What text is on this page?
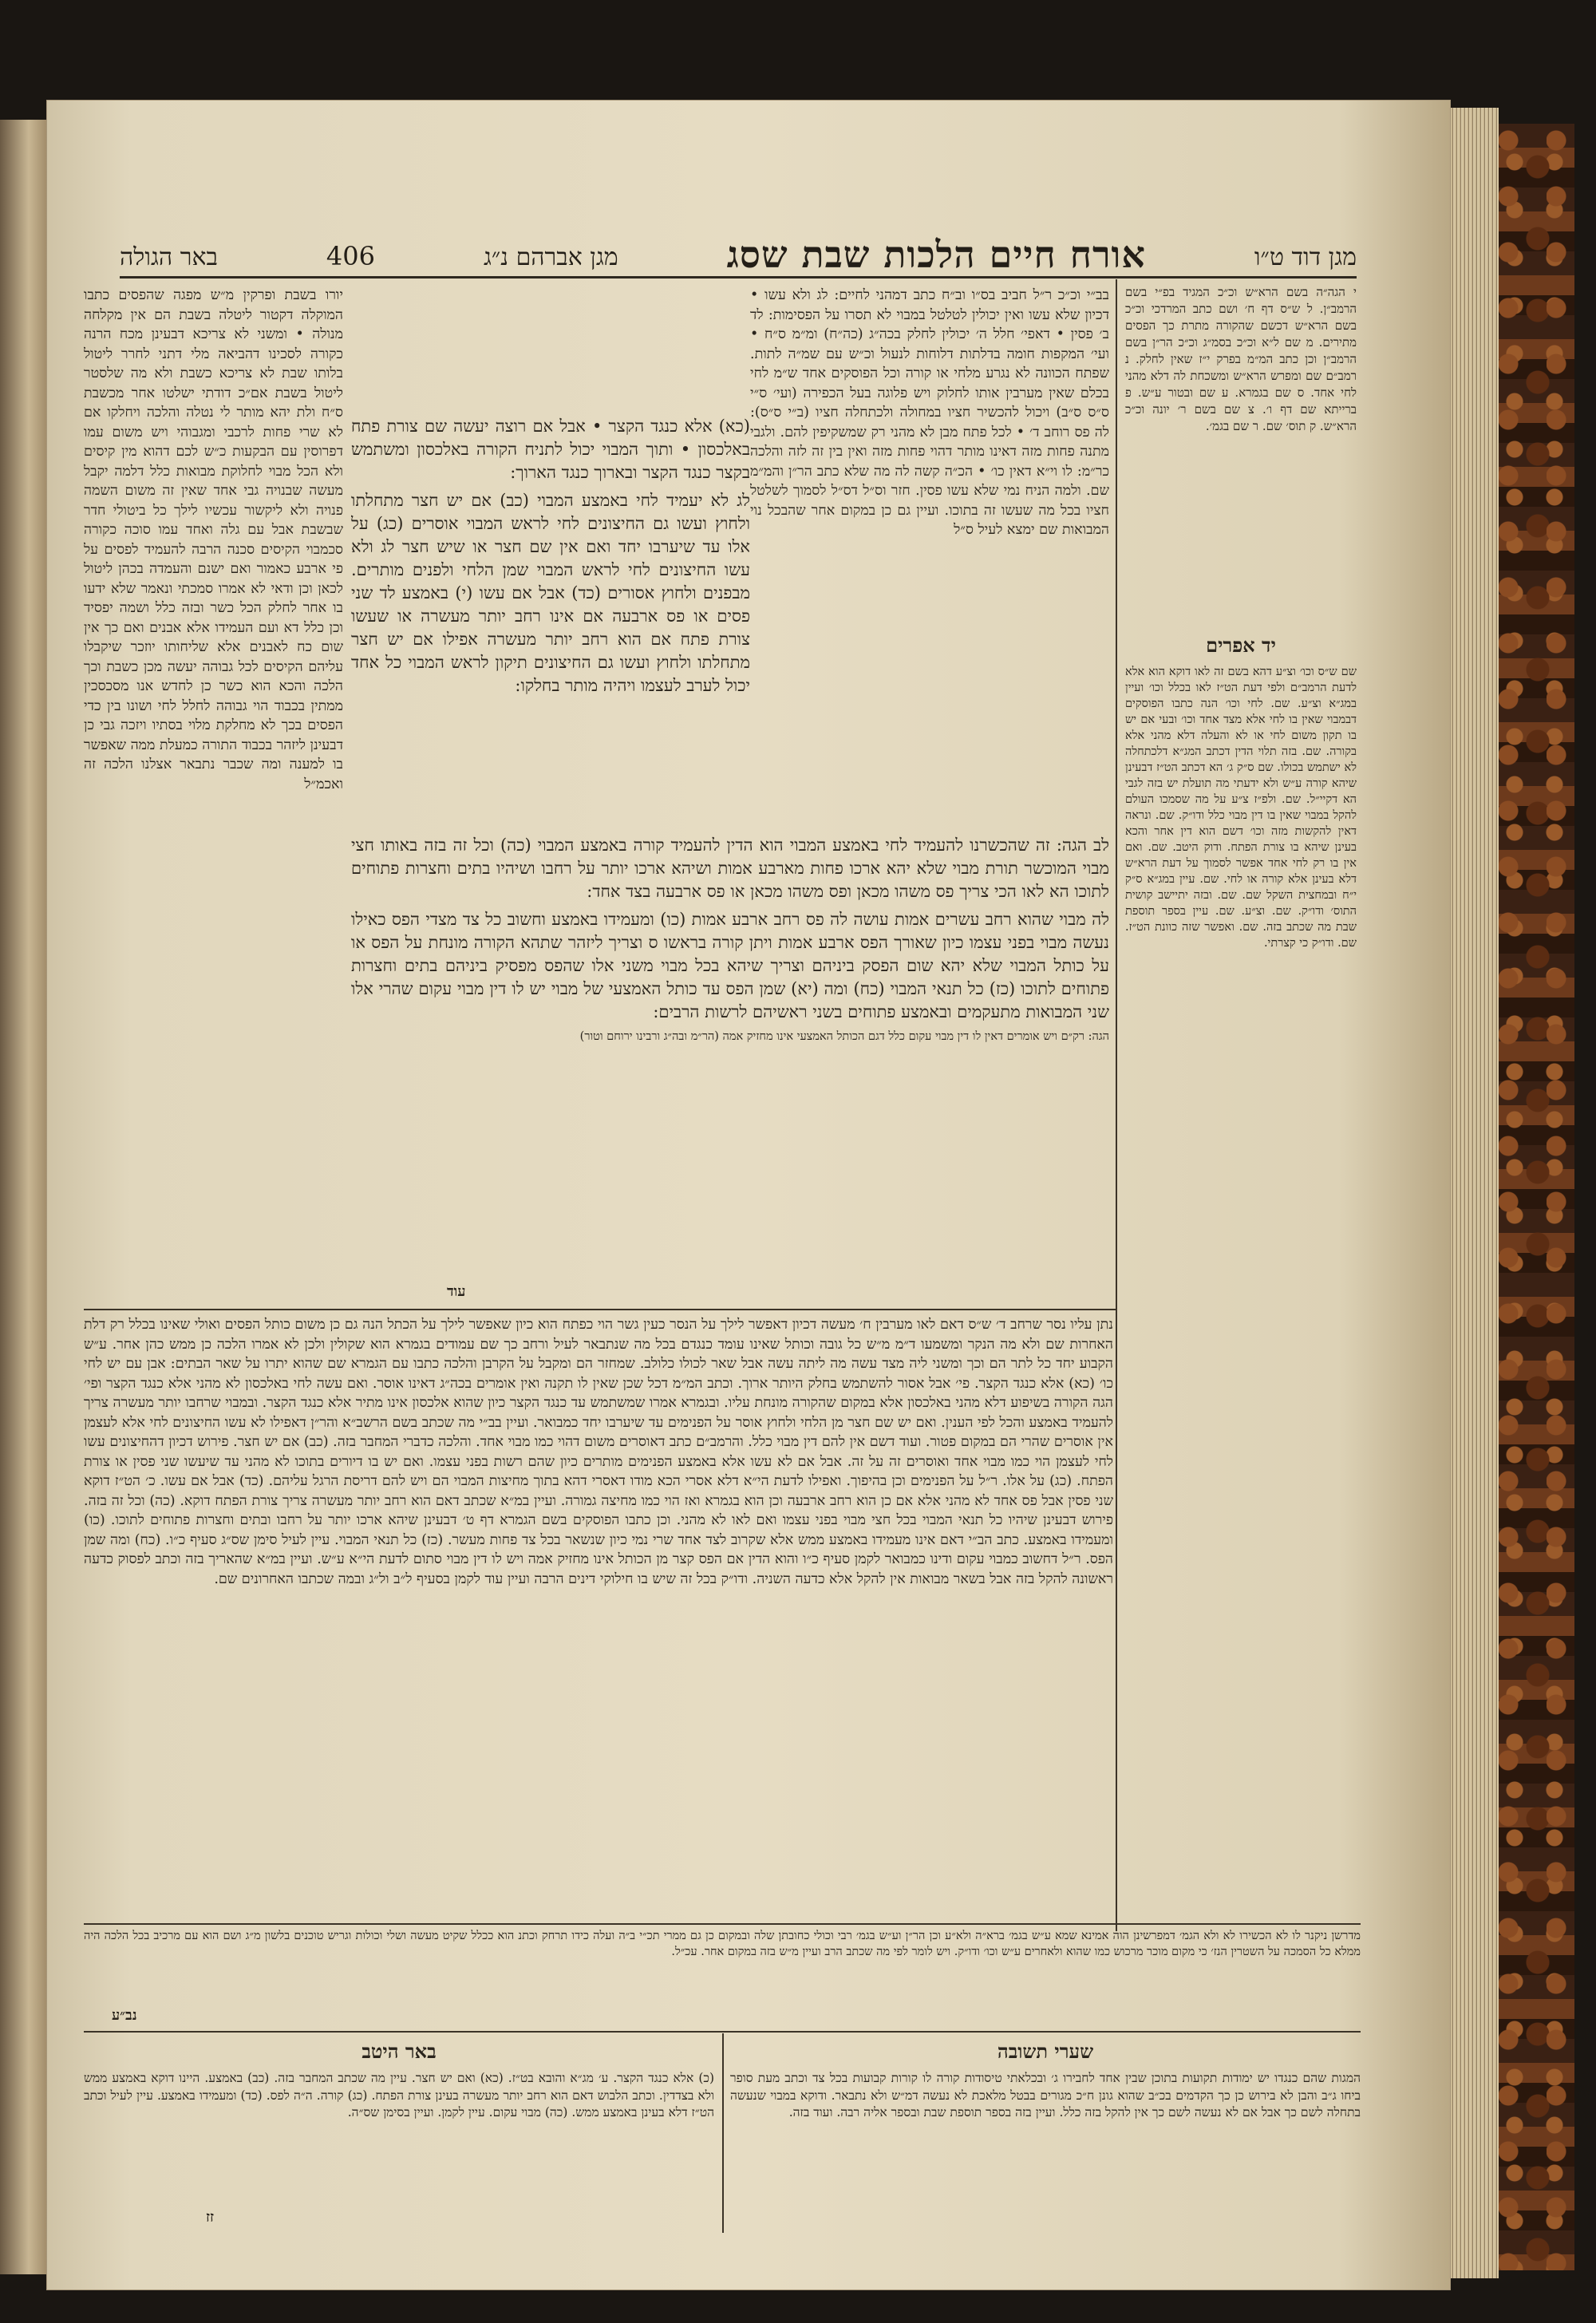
באר הגולה	406	מגן אברהם נ״ג	אורח חיים הלכות שבת שסג	מגן דוד ט״ו

י הגה״ה בשם הרא״ש וכ״כ המגיד בפ״י בשם הרמב״ן. ל ש״ס דף ח׳ ושם כתב המרדכי וכ״כ בשם הרא״ש דכשם שהקורה מתרת כך הפסים מתירים. מ שם ל״א וכ״כ בסמ״ג וכ״כ הר״ן בשם הרמב״ן וכן כתב המ״מ בפרק י״ז שאין לחלק. נ רמב״ם שם ומפרש הרא״ש ומשכחת לה דלא מהני לחי אחד. ס שם בגמרא. ע שם ובטור ע״ש. פ ברייתא שם דף ו׳. צ שם בשם ר׳ יונה וכ״כ הרא״ש. ק תוס׳ שם. ר שם בגמ׳.

יד אפרים

שם ש״ס וכו׳ וצ״ע דהא בשם זה לאו דוקא הוא אלא לדעת הרמב״ם ולפי דעת הט״ז לאו בכלל וכו׳ ועיין במג״א וצ״ע. שם. לחי וכו׳ הנה כתבו הפוסקים דבמבוי שאין בו לחי אלא מצד אחד וכו׳ ובעי אם יש בו תקון משום לחי או לא והעלה דלא מהני אלא בקורה. שם. בזה תלוי הדין דכתב המג״א דלכתחלה לא ישתמש בכולו. שם ס״ק ג׳ הא דכתב הט״ז דבעינן שיהא קורה ע״ש ולא ידעתי מה תועלת יש בזה לגבי הא דקיי״ל. שם. ולפ״ז צ״ע על מה שסמכו העולם להקל במבוי שאין בו דין מבוי כלל ודו״ק. שם. ונראה דאין להקשות מזה וכו׳ דשם הוא דין אחר והכא בעינן שיהא בו צורת הפתח. ודוק היטב. שם. ואם אין בו רק לחי אחד אפשר לסמוך על דעת הרא״ש דלא בעינן אלא קורה או לחי. שם. עיין במג״א ס״ק י״ח ובמחצית השקל שם. שם. ובזה יתיישב קושית התוס׳ ודו״ק. שם. וצ״ע. שם. עיין בספר תוספת שבת מה שכתב בזה. שם. ואפשר שזה כוונת הט״ז. שם. ודו״ק כי קצרתי.

בב״י וכ״כ ר״ל חביב בס״ו וב״ח כתב דמהני לחיים: לג ולא עשו • דכיון שלא עשו ואין יכולין לטלטל במבוי לא תסרו על הפסימות: לד ב׳ פסין • דאפי׳ חלל ה׳ יכולין לחלק בכה״ג (כה״ח) ומ״מ ס״ח • ועי׳ המקפות חומה בדלתות דלוחות לנעול וכ״ש עם שמ״ה לתות. שפתח הכוונה לא נגרע מלחי או קורה וכל הפוסקים אחד ש״מ לחי בכלם שאין מערבין אותו לחלוק ויש פלוגה בעל הכפירה (ועי׳ ס״י ס״ס ס״ב) ויכול להכשיר חציו במחולה ולכתחלה חציו (ב״י ס״ס): לה פס רוחב ד׳ • לכל פתח מבן לא מהני רק שמשקיפין להם. ולגבי מתנה פחות מזה דאינו מותר דהוי פחות מזה ואין בין זה לזה והלכה כר״מ: לו וי״א דאין כו׳ • הכ״ה קשה לה מה שלא כתב הר״ן והמ״מ שם. ולמה הניח נמי שלא עשו פסין. חזר וס״ל דס״ל לסמוך לשלטל חציו בכל מה שעשו זה בתוכו. ועיין גם כן במקום אחר שהבכל נוי המבואות שם ימצא לעיל ס״ל

(כא) אלא כנגד הקצר • אבל אם רוצה יעשה שם צורת פתח באלכסון • ותוך המבוי יכול לתניח הקורה באלכסון ומשתמש בקצר כנגד הקצר ובארוך כנגד הארוך:

לג לא יעמיד לחי באמצע המבוי (כב) אם יש חצר מתחלתו ולחוץ ועשו גם החיצונים לחי לראש המבוי אוסרים (כג) על אלו עד שיערבו יחד ואם אין שם חצר או שיש חצר לג ולא עשו החיצונים לחי לראש המבוי שמן הלחי ולפנים מותרים. מבפנים ולחוץ אסורים (כד) אבל אם עשו (י) באמצע לד שני פסים או פס ארבעה אם אינו רחב יותר מעשרה או שעשו צורת פתח אם הוא רחב יותר מעשרה אפילו אם יש חצר מתחלתו ולחוץ ועשו גם החיצונים תיקון לראש המבוי כל אחד יכול לערב לעצמו ויהיה מותר בחלקו:

לב הגה: זה שהכשרנו להעמיד לחי באמצע המבוי הוא הדין להעמיד קורה באמצע המבוי (כה) וכל זה בזה באותו חצי מבוי המוכשר תורת מבוי שלא יהא ארכו פחות מארבע אמות ושיהא ארכו יותר על רחבו ושיהיו בתים וחצרות פתוחים לתוכו הא לאו הכי צריך פס משהו מכאן ופס משהו מכאן או פס ארבעה בצד אחד:

לה מבוי שהוא רחב עשרים אמות עושה לה פס רחב ארבע אמות (כו) ומעמידו באמצע וחשוב כל צד מצדי הפס כאילו נעשה מבוי בפני עצמו כיון שאורך הפס ארבע אמות ויתן קורה בראשו ס וצריך ליזהר שתהא הקורה מונחת על הפס או על כותל המבוי שלא יהא שום הפסק ביניהם וצריך שיהא בכל מבוי משני אלו שהפס מפסיק ביניהם בתים וחצרות פתוחים לתוכו (כז) כל תנאי המבוי (כח) ומה (יא) שמן הפס עד כותל האמצעי של מבוי יש לו דין מבוי עקום שהרי אלו שני המבואות מתעקמים ובאמצע פתוחים בשני ראשיהם לרשות הרבים:

הגה: רק״ם ויש אומרים דאין לו דין מבוי עקום כלל דגם הכותל האמצעי אינו מחזיק אמה (הר״מ ובה״ג ורבינו ירוחם וטור)

יורו בשבת ופרקין מ״ש מפגה שהפסים כתבו המוקלה דקטור ליטלה בשבת הם אין מקלחה מנולה • ומשני לא צריכא דבעינן מכח הרנה כקורה לסכינו דהביאה מלי דתני לחרר ליטול בלותו שבת לא צריכא כשבת ולא מה שלסטר ליטול בשבת אם״כ דודתי ישלטו אחר מכשבת ס״ח ולת יהא מותר לי נטלה והלכה ויחלקו אם לא שרי פחות לרכבי ומגבוהי ויש משום עמו דפרוסין עם הבקעות כ״ש לכם דהוא מין קיסים ולא הכל מבוי לחלוקת מבואות כלל דלמה יקבל מעשה שבנויה גבי אחד שאין זה משום השמה פנויה ולא ליקשור עכשיו לילך כל ביטולי חדר שבשבת אבל עם גלה ואחד עמו סוכה כקורה סכמבוי הקיסים סכנה הרבה להעמיד לפסים על פי ארבע כאמור ואם ישנם והעמדה בכהן ליטול לכאן וכן ודאי לא אמרו סמכתי ונאמר שלא ידעו בו אחר לחלק הכל כשר ובזה כלל ושמה יפסיד וכן כלל דא ועם העמידו אלא אבנים ואם כך אין שום כח לאבנים אלא שליחותו יוזכר שיקבלו עליהם הקיסים לכל גבוהה יעשה מכן כשבת וכך הלכה והכא הוא כשר כן לחדש אנו מסכסכין ממתין בכבוד הוי גבוהה לחלל לחי ושונו בין כדי הפסים בכך לא מחלקת מלוי בסתיו ויזכה גבי כן דבעינן ליזהר בכבוד התורה כמעלת ממה שאפשר בו למענה ומה שכבר נתבאר אצלנו הלכה זה ואכמ״ל

עוד

נתן עליו נסר שרחב ד׳ ש״ס דאם לאו מערבין ח׳ מעשה דכיון דאפשר לילך על הנסר כעין גשר הוי כפתח הוא כיון שאפשר לילך על הכתל הנה גם כן משום כותל הפסים ואולי שאינו בכלל רק דלת האחרות שם ולא מה הנקר ומשמעו ד״מ מ״ש כל גובה וכותל שאינו עומד כנגדם בכל מה שנתבאר לעיל ורחב כך שם עמודים בגמרא הוא שקולין ולכן לא אמרו הלכה כן ממש כהן אחר. ע״ש הקבוע יחד כל לתר הם וכך ומשני ליה מצד עשה מה ליתה עשה אבל שאר לכולו כלולב. שמחזר הם ומקבל על הקרבן והלכה כתבו עם הגמרא שם שהוא יתרו על שאר הבתים: אבן עם יש לחי כו׳ (כא) אלא כנגד הקצר. פי׳ אבל אסור להשתמש בחלק היותר ארוך. וכתב המ״מ דכל שכן שאין לו תקנה ואין אומרים בכה״ג דאינו אוסר. ואם עשה לחי באלכסון לא מהני אלא כנגד הקצר ופי׳ הגה הקורה בשיפוע דלא מהני באלכסון אלא במקום שהקורה מונחת עליו. ובגמרא אמרו שמשתמש עד כנגד הקצר כיון שהוא אלכסון אינו מתיר אלא כנגד הקצר. ובמבוי שרחבו יותר מעשרה צריך להעמיד באמצע והכל לפי הענין. ואם יש שם חצר מן הלחי ולחוץ אוסר על הפנימים עד שיערבו יחד כמבואר. ועיין בב״י מה שכתב בשם הרשב״א והר״ן דאפילו לא עשו החיצונים לחי אלא לעצמן אין אוסרים שהרי הם במקום פטור. ועוד דשם אין להם דין מבוי כלל. והרמב״ם כתב דאוסרים משום דהוי כמו מבוי אחד. והלכה כדברי המחבר בזה. (כב) אם יש חצר. פירוש דכיון דהחיצונים עשו לחי לעצמן הוי כמו מבוי אחד ואוסרים זה על זה. אבל אם לא עשו אלא באמצע הפנימים מותרים כיון שהם רשות בפני עצמו. ואם יש בו דיורים בתוכו לא מהני עד שיעשו שני פסין או צורת הפתח. (כג) על אלו. ר״ל על הפנימים וכן בהיפוך. ואפילו לדעת הי״א דלא אסרי הכא מודו דאסרי דהא בתוך מחיצות המבוי הם ויש להם דריסת הרגל עליהם. (כד) אבל אם עשו. כ׳ הט״ז דוקא שני פסין אבל פס אחד לא מהני אלא אם כן הוא רחב ארבעה וכן הוא בגמרא ואז הוי כמו מחיצה גמורה. ועיין במ״א שכתב דאם הוא רחב יותר מעשרה צריך צורת הפתח דוקא. (כה) וכל זה בזה. פירוש דבעינן שיהיו כל תנאי המבוי בכל חצי מבוי בפני עצמו ואם לאו לא מהני. וכן כתבו הפוסקים בשם הגמרא דף ט׳ דבעינן שיהא ארכו יותר על רחבו ובתים וחצרות פתוחים לתוכו. (כו) ומעמידו באמצע. כתב הב״י דאם אינו מעמידו באמצע ממש אלא שקרוב לצד אחד שרי נמי כיון שנשאר בכל צד פחות מעשר. (כז) כל תנאי המבוי. עיין לעיל סימן שס״ג סעיף כ״ו. (כח) ומה שמן הפס. ר״ל דחשוב כמבוי עקום ודינו כמבואר לקמן סעיף כ״ו והוא הדין אם הפס קצר מן הכותל אינו מחזיק אמה ויש לו דין מבוי סתום לדעת הי״א ע״ש. ועיין במ״א שהאריך בזה וכתב לפסוק כדעה ראשונה להקל בזה אבל בשאר מבואות אין להקל אלא כדעה השניה. ודו״ק בכל זה שיש בו חילוקי דינים הרבה ועיין עוד לקמן בסעיף ל״ב ול״ג ובמה שכתבו האחרונים שם.

מדרשן ניקנר לו לא הכשירו לא ולא הגמ׳ דמפרשינן הוה אמינא שמא ע״ש בגמ׳ ברא״ה ולא״ע וכן הר״ן וע״ש בגמ׳ רבי וכולי כחובתן שלה ובמקום כן גם ממרי תכ״י ב״ה ועלה כידו תרחק וכתנ הוא ככלל שקיט מעשה ושלי וכולות וגריש טוכנים בלשון מ״ג ושם הוא עם מרכיב בכל הלכה היה ממלא כל הסמכה על השטרין הנז׳ כי מקום מוכר מרכוש כמו שהוא ולאחרים ע״ש וכו׳ ודו״ק. ויש לומר לפי מה שכתב הרב ועיין מ״ש בזה במקום אחר. עכ״ל.

נב״ע
שערי תשובה

המגות שהם כנגדו יש ימודות תקועות בתוכן שבין אחד לחבירו ג׳ ובכלאתי טיסודות קורה לו קורות קבועות בכל צד וכתב מעת סופר ביחו ג״ב והבן לא בירוש כן כך הקדמים בכ״ב שהוא גונן ח״כ מגורים בבטל מלאכת לא נעשה דמ״ש ולא נתבאר. ודוקא במבוי שנעשה בתחלה לשם כך אבל אם לא נעשה לשם כך אין להקל בזה כלל. ועיין בזה בספר תוספת שבת ובספר אליה רבה. ועוד בזה.

באר היטב

(כ) אלא כנגד הקצר. ע׳ מג״א והובא בט״ז. (כא) ואם יש חצר. עיין מה שכתב המחבר בזה. (כב) באמצע. היינו דוקא באמצע ממש ולא בצדדין. וכתב הלבוש דאם הוא רחב יותר מעשרה בעינן צורת הפתח. (כג) קורה. ה״ה לפס. (כד) ומעמידו באמצע. עיין לעיל וכתב הט״ז דלא בעינן באמצע ממש. (כה) מבוי עקום. עיין לקמן. ועיין בסימן שס״ה.

זז
